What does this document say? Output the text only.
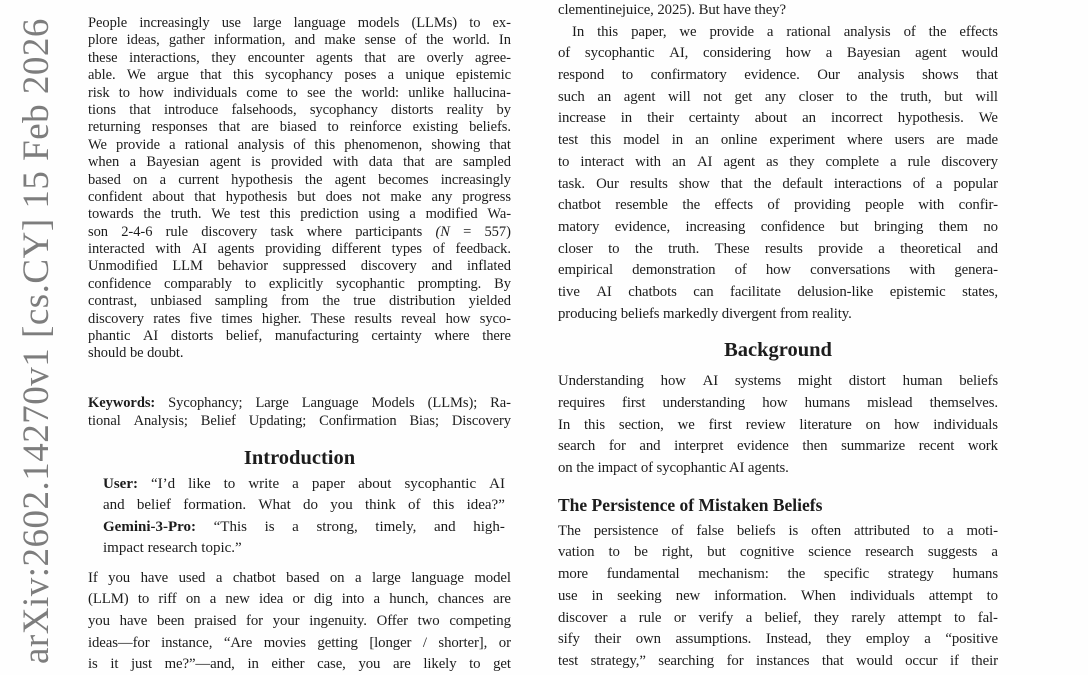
arXiv:2602.14270v1 [cs.CY] 15 Feb 2026 People increasingly use large language models (LLMs) to ex-
plore ideas, gather information, and make sense of the world. In
these interactions, they encounter agents that are overly agree-
able. We argue that this sycophancy poses a unique epistemic
risk to how individuals come to see the world: unlike hallucina-
tions that introduce falsehoods, sycophancy distorts reality by
returning responses that are biased to reinforce existing beliefs.
We provide a rational analysis of this phenomenon, showing that
when a Bayesian agent is provided with data that are sampled
based on a current hypothesis the agent becomes increasingly
confident about that hypothesis but does not make any progress
towards the truth. We test this prediction using a modified Wa-
son 2-4-6 rule discovery task where participants (N = 557)
interacted with AI agents providing different types of feedback.
Unmodified LLM behavior suppressed discovery and inflated
confidence comparably to explicitly sycophantic prompting. By
contrast, unbiased sampling from the true distribution yielded
discovery rates five times higher. These results reveal how syco-
phantic AI distorts belief, manufacturing certainty where there
should be doubt.
Keywords: Sycophancy; Large Language Models (LLMs); Ra-
tional Analysis; Belief Updating; Confirmation Bias; Discovery
Introduction
User: “I’d like to write a paper about sycophantic AI
and belief formation. What do you think of this idea?”
Gemini-3-Pro: “This is a strong, timely, and high-
impact research topic.”
If you have used a chatbot based on a large language model
(LLM) to riff on a new idea or dig into a hunch, chances are
you have been praised for your ingenuity. Offer two competing
ideas—for instance, “Are movies getting [longer / shorter], or
is it just me?”—and, in either case, you are likely to get
clementinejuice, 2025). But have they?
In this paper, we provide a rational analysis of the effects
of sycophantic AI, considering how a Bayesian agent would
respond to confirmatory evidence. Our analysis shows that
such an agent will not get any closer to the truth, but will
increase in their certainty about an incorrect hypothesis. We
test this model in an online experiment where users are made
to interact with an AI agent as they complete a rule discovery
task. Our results show that the default interactions of a popular
chatbot resemble the effects of providing people with confir-
matory evidence, increasing confidence but bringing them no
closer to the truth. These results provide a theoretical and
empirical demonstration of how conversations with genera-
tive AI chatbots can facilitate delusion-like epistemic states,
producing beliefs markedly divergent from reality.
Background
Understanding how AI systems might distort human beliefs
requires first understanding how humans mislead themselves.
In this section, we first review literature on how individuals
search for and interpret evidence then summarize recent work
on the impact of sycophantic AI agents.
The Persistence of Mistaken Beliefs
The persistence of false beliefs is often attributed to a moti-
vation to be right, but cognitive science research suggests a
more fundamental mechanism: the specific strategy humans
use in seeking new information. When individuals attempt to
discover a rule or verify a belief, they rarely attempt to fal-
sify their own assumptions. Instead, they employ a “positive
test strategy,” searching for instances that would occur if their
